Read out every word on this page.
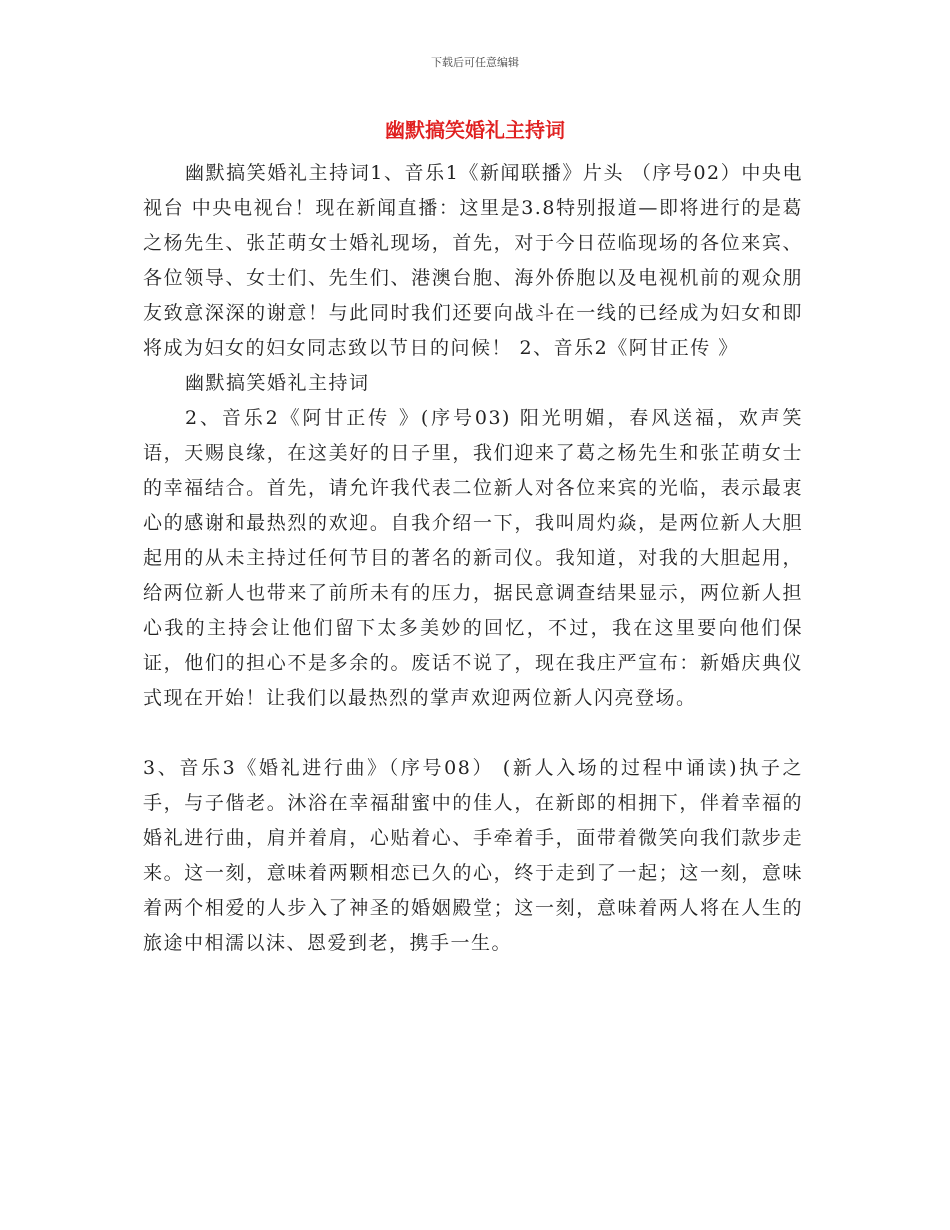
下载后可任意编辑
幽默搞笑婚礼主持词

幽默搞笑婚礼主持词1、音乐1《新闻联播》片头 （序号02）中央电视台 中央电视台！现在新闻直播：这里是3.8特别报道—即将进行的是葛之杨先生、张芷萌女士婚礼现场，首先，对于今日莅临现场的各位来宾、各位领导、女士们、先生们、港澳台胞、海外侨胞以及电视机前的观众朋友致意深深的谢意！与此同时我们还要向战斗在一线的已经成为妇女和即将成为妇女的妇女同志致以节日的问候！ 2、音乐2《阿甘正传 》

幽默搞笑婚礼主持词

2、音乐2《阿甘正传 》(序号03) 阳光明媚，春风送福，欢声笑语，天赐良缘，在这美好的日子里，我们迎来了葛之杨先生和张芷萌女士的幸福结合。首先，请允许我代表二位新人对各位来宾的光临，表示最衷心的感谢和最热烈的欢迎。自我介绍一下，我叫周灼焱，是两位新人大胆起用的从未主持过任何节目的著名的新司仪。我知道，对我的大胆起用，给两位新人也带来了前所未有的压力，据民意调查结果显示，两位新人担心我的主持会让他们留下太多美妙的回忆，不过，我在这里要向他们保证，他们的担心不是多余的。废话不说了，现在我庄严宣布：新婚庆典仪式现在开始！让我们以最热烈的掌声欢迎两位新人闪亮登场。

3、音乐3《婚礼进行曲》（序号08） (新人入场的过程中诵读)执子之手，与子偕老。沐浴在幸福甜蜜中的佳人，在新郎的相拥下，伴着幸福的婚礼进行曲，肩并着肩，心贴着心、手牵着手，面带着微笑向我们款步走来。这一刻，意味着两颗相恋已久的心，终于走到了一起；这一刻，意味着两个相爱的人步入了神圣的婚姻殿堂；这一刻，意味着两人将在人生的旅途中相濡以沫、恩爱到老，携手一生。
